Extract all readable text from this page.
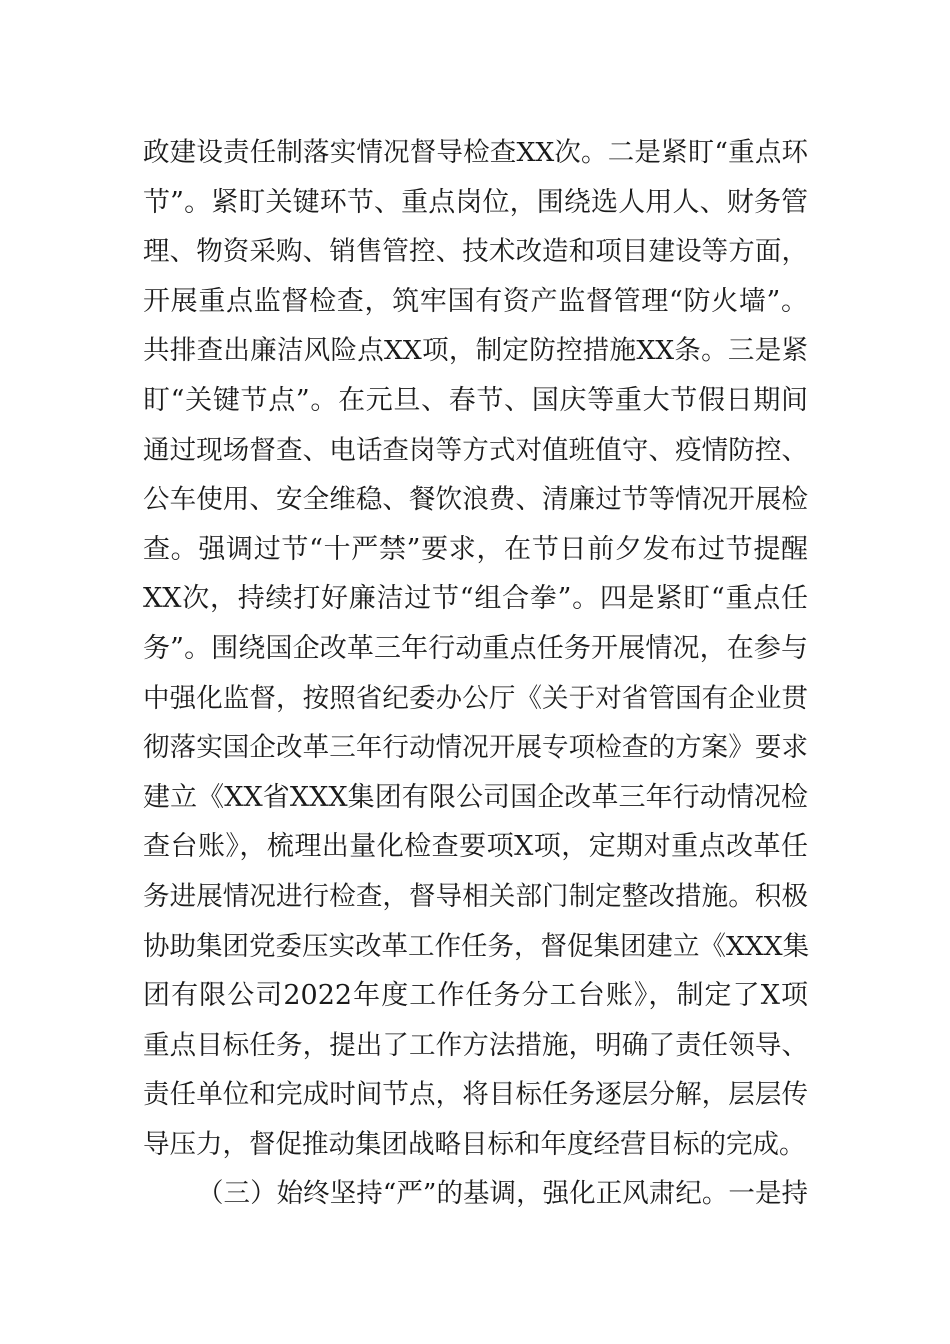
政建设责任制落实情况督导检查XX次。二是紧盯“重点环
节”。紧盯关键环节、重点岗位，围绕选人用人、财务管
理、物资采购、销售管控、技术改造和项目建设等方面，
开展重点监督检查，筑牢国有资产监督管理“防火墙”。
共排查出廉洁风险点XX项，制定防控措施XX条。三是紧
盯“关键节点”。在元旦、春节、国庆等重大节假日期间
通过现场督查、电话查岗等方式对值班值守、疫情防控、
公车使用、安全维稳、餐饮浪费、清廉过节等情况开展检
查。强调过节“十严禁”要求，在节日前夕发布过节提醒
XX次，持续打好廉洁过节“组合拳”。四是紧盯“重点任
务”。围绕国企改革三年行动重点任务开展情况，在参与
中强化监督，按照省纪委办公厅《关于对省管国有企业贯
彻落实国企改革三年行动情况开展专项检查的方案》要求
建立《XX省XXX集团有限公司国企改革三年行动情况检
查台账》，梳理出量化检查要项X项，定期对重点改革任
务进展情况进行检查，督导相关部门制定整改措施。积极
协助集团党委压实改革工作任务，督促集团建立《XXX集
团有限公司2022年度工作任务分工台账》，制定了X项
重点目标任务，提出了工作方法措施，明确了责任领导、
责任单位和完成时间节点，将目标任务逐层分解，层层传
导压力，督促推动集团战略目标和年度经营目标的完成。
（三）始终坚持“严”的基调，强化正风肃纪。一是持
